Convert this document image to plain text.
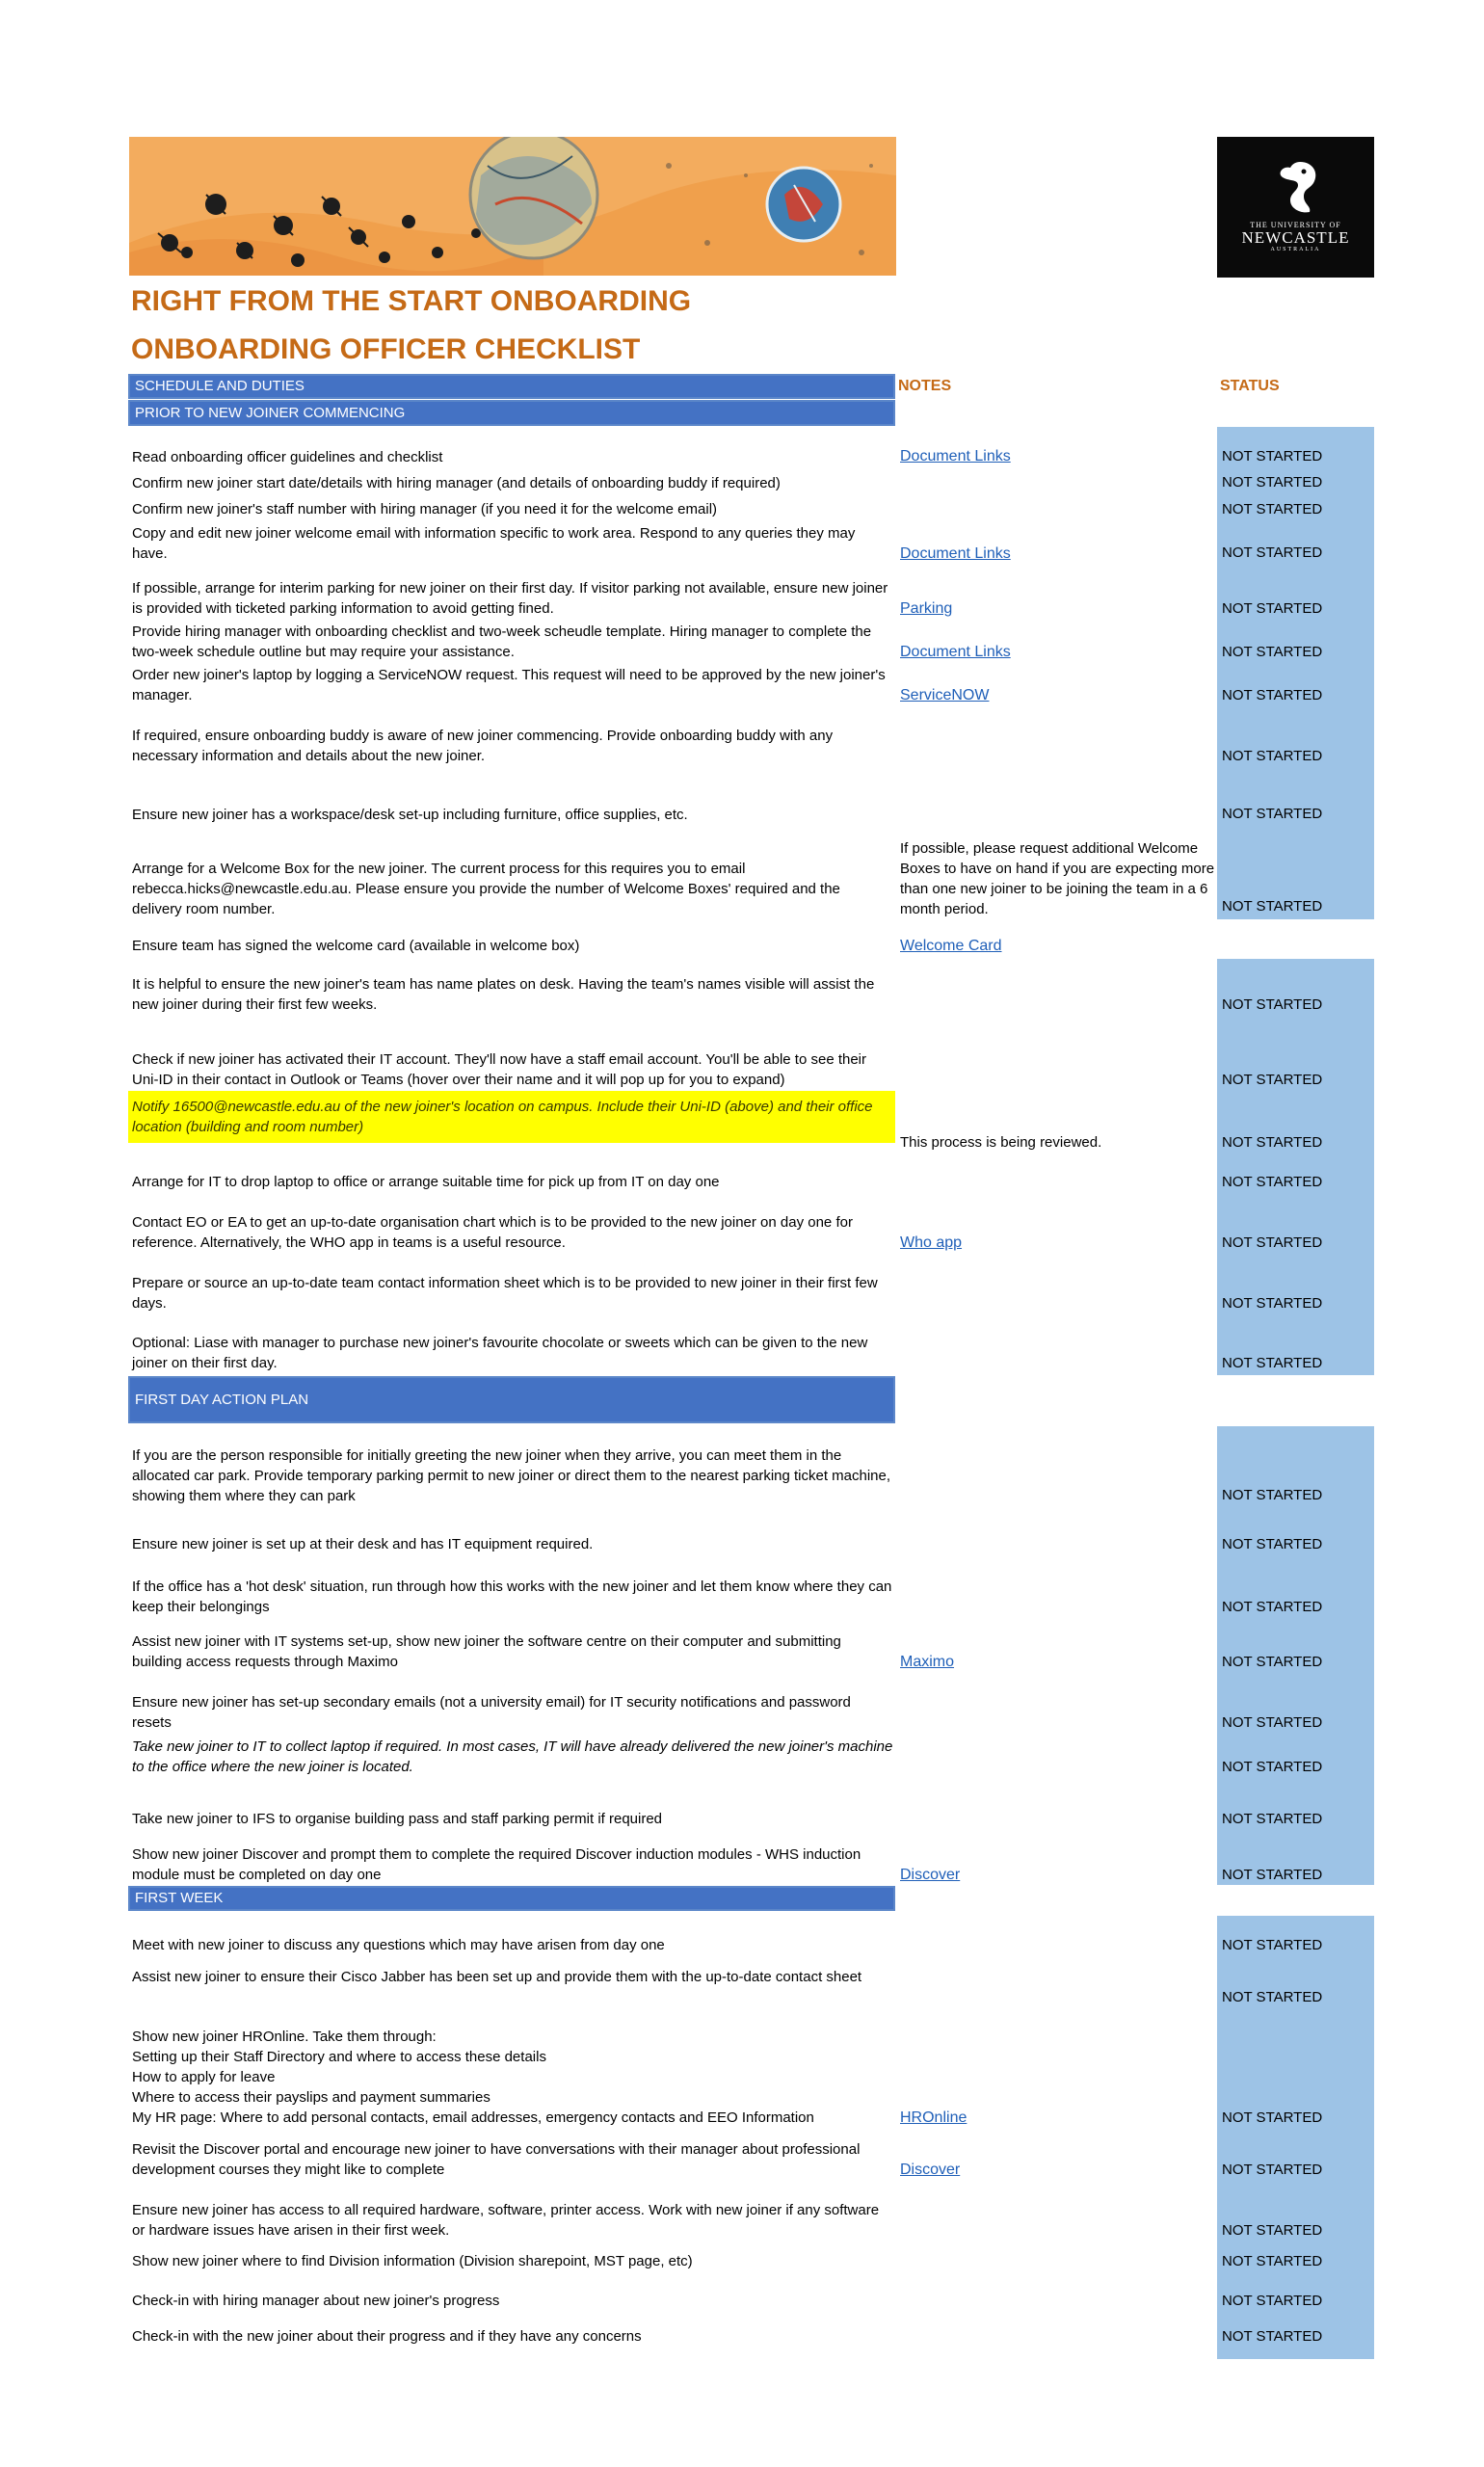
THE UNIVERSITY OF
NEWCASTLE
AUSTRALIA
RIGHT FROM THE START ONBOARDING
ONBOARDING OFFICER CHECKLIST
SCHEDULE AND DUTIES
PRIOR TO NEW JOINER COMMENCING
NOTES	STATUS
Read onboarding officer guidelines and checklist
Confirm new joiner start date/details with hiring manager (and details of onboarding buddy if required)
Confirm new joiner's staff number with hiring manager (if you need it for the welcome email)
Copy and edit new joiner welcome email with information specific to work area. Respond to any queries they may have.
If possible, arrange for interim parking for new joiner on their first day. If visitor parking not available, ensure new joiner is provided with ticketed parking information to avoid getting fined.
Provide hiring manager with onboarding checklist and two-week scheudle template. Hiring manager to complete the two-week schedule outline but may require your assistance.
Order new joiner's laptop by logging a ServiceNOW request. This request will need to be approved by the new joiner's manager.
If required, ensure onboarding buddy is aware of new joiner commencing. Provide onboarding buddy with any necessary information and details about the new joiner.
Ensure new joiner has a workspace/desk set-up including furniture, office supplies, etc.
Arrange for a Welcome Box for the new joiner. The current process for this requires you to email rebecca.hicks@newcastle.edu.au. Please ensure you provide the number of Welcome Boxes' required and the delivery room number.
Ensure team has signed the welcome card (available in welcome box)
It is helpful to ensure the new joiner's team has name plates on desk. Having the team's names visible will assist the new joiner during their first few weeks.
Check if new joiner has activated their IT account. They'll now have a staff email account. You'll be able to see their Uni-ID in their contact in Outlook or Teams (hover over their name and it will pop up for you to expand)
Notify 16500@newcastle.edu.au of the new joiner's location on campus. Include their Uni-ID (above) and their office location (building and room number)
Arrange for IT to drop laptop to office or arrange suitable time for pick up from IT on day one
Contact EO or EA to get an up-to-date organisation chart which is to be provided to the new joiner on day one for reference. Alternatively, the WHO app in teams is a useful resource.
Prepare or source an up-to-date team contact information sheet which is to be provided to new joiner in their first few days.
Optional: Liase with manager to purchase new joiner's favourite chocolate or sweets which can be given to the new joiner on their first day.
Document Links
Document Links
Parking
Document Links
ServiceNOW
If possible, please request additional Welcome Boxes to have on hand if you are expecting more than one new joiner to be joining the team in a 6 month period.
Welcome Card
This process is being reviewed.
Who app
NOT STARTED
NOT STARTED
NOT STARTED
NOT STARTED
NOT STARTED
NOT STARTED
NOT STARTED
NOT STARTED
NOT STARTED
NOT STARTED
NOT STARTED
NOT STARTED
NOT STARTED
NOT STARTED
NOT STARTED
NOT STARTED
NOT STARTED
FIRST DAY ACTION PLAN
If you are the person responsible for initially greeting the new joiner when they arrive, you can meet them in the allocated car park. Provide temporary parking permit to new joiner or direct them to the nearest parking ticket machine, showing them where they can park
Ensure new joiner is set up at their desk and has IT equipment required.
If the office has a 'hot desk' situation, run through how this works with the new joiner and let them know where they can keep their belongings
Assist new joiner with IT systems set-up, show new joiner the software centre on their computer and submitting building access requests through Maximo
Ensure new joiner has set-up secondary emails (not a university email) for IT security notifications and password resets
Take new joiner to IT to collect laptop if required. In most cases, IT will have already delivered the new joiner's machine to the office where the new joiner is located.
Take new joiner to IFS to organise building pass and staff parking permit if required
Show new joiner Discover and prompt them to complete the required Discover induction modules - WHS induction module must be completed on day one
Maximo
Discover
NOT STARTED
NOT STARTED
NOT STARTED
NOT STARTED
NOT STARTED
NOT STARTED
NOT STARTED
NOT STARTED
FIRST WEEK
Meet with new joiner to discuss any questions which may have arisen from day one
Assist new joiner to ensure their Cisco Jabber has been set up and provide them with the up-to-date contact sheet
Show new joiner HROnline. Take them through:
Setting up their Staff Directory and where to access these details
How to apply for leave
Where to access their payslips and payment summaries
My HR page: Where to add personal contacts, email addresses, emergency contacts and EEO Information
Revisit the Discover portal and encourage new joiner to have conversations with their manager about professional development courses they might like to complete
Ensure new joiner has access to all required hardware, software, printer access. Work with new joiner if any software or hardware issues have arisen in their first week.
Show new joiner where to find Division information (Division sharepoint, MST page, etc)
Check-in with hiring manager about new joiner's progress
Check-in with the new joiner about their progress and if they have any concerns
HROnline
Discover
NOT STARTED
NOT STARTED
NOT STARTED
NOT STARTED
NOT STARTED
NOT STARTED
NOT STARTED
NOT STARTED
